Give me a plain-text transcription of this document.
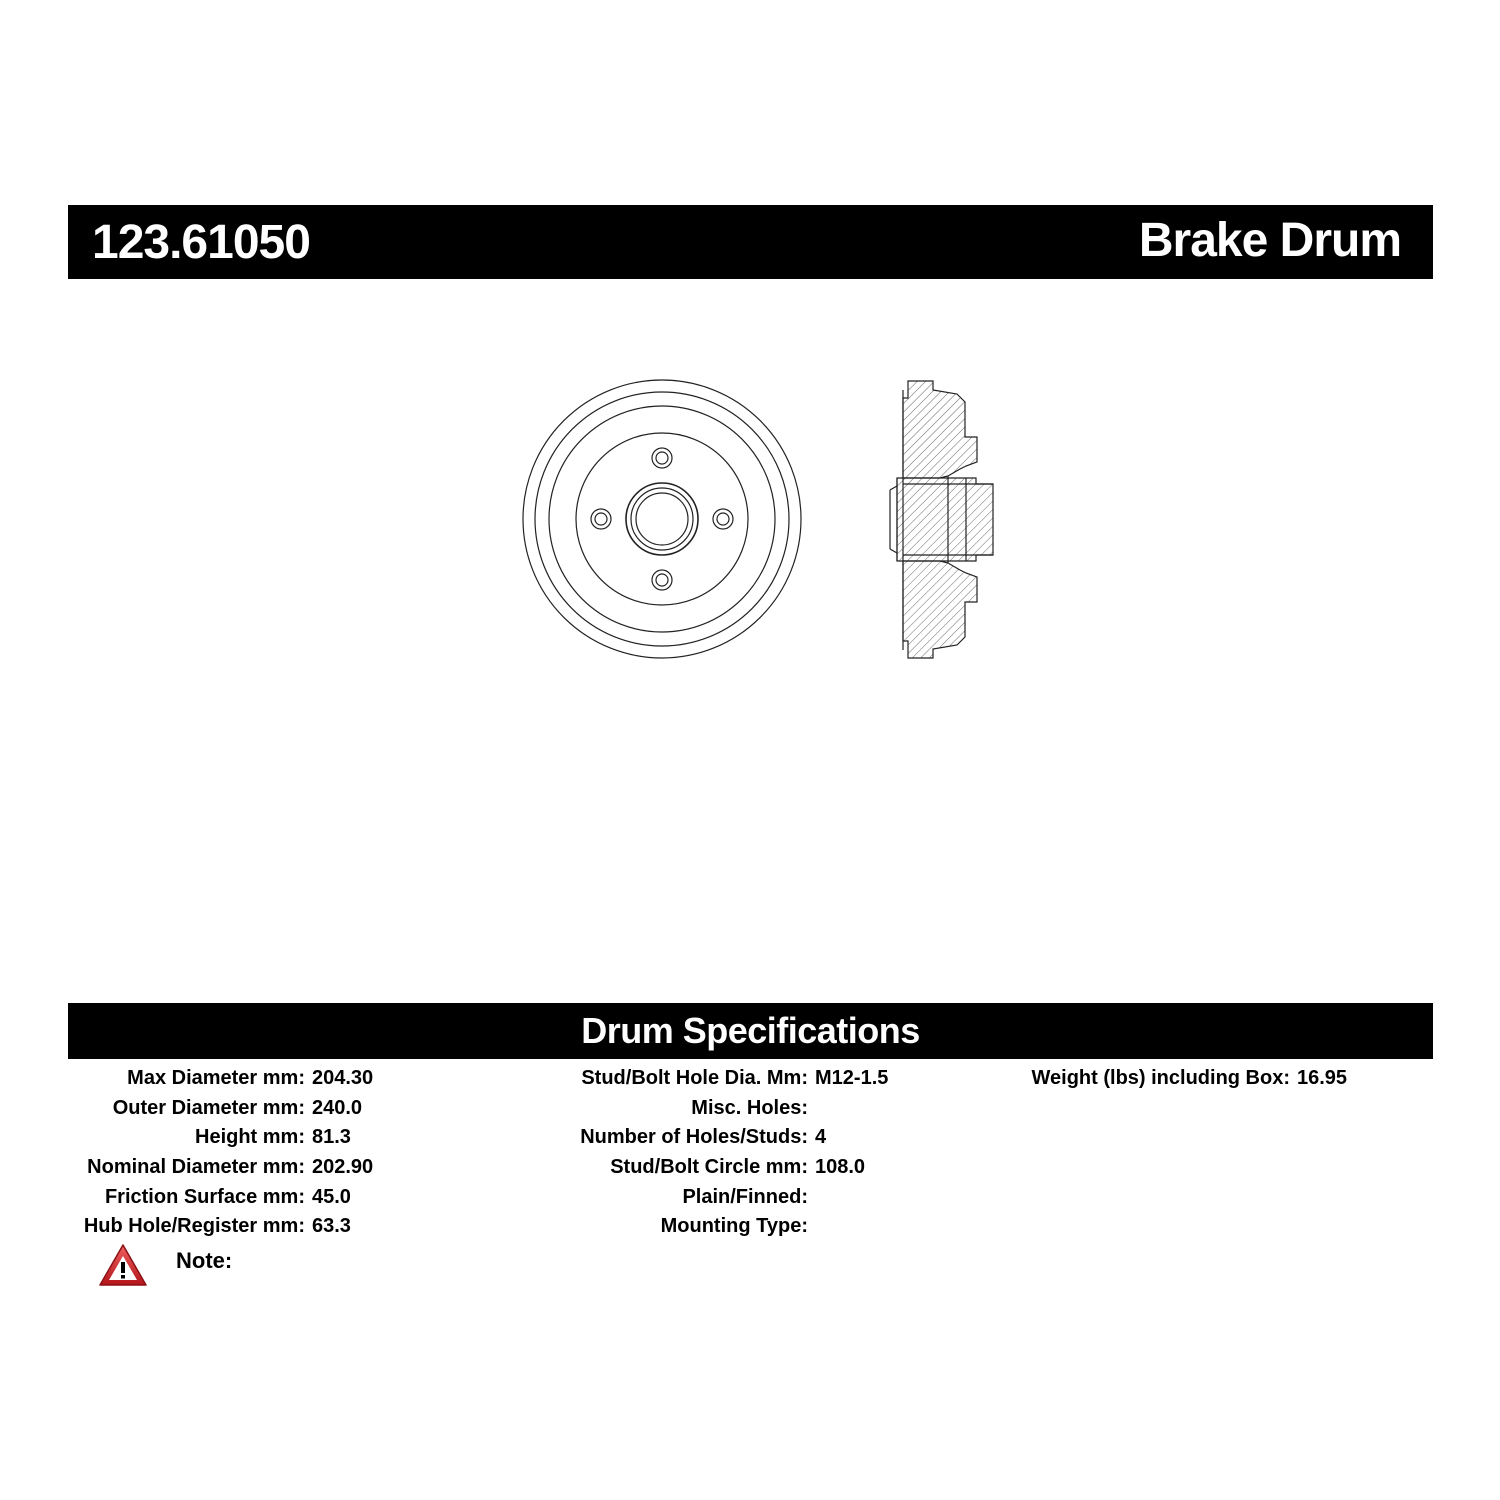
123.61050	Brake Drum
Drum Specifications
Max Diameter mm: 204.30
Outer Diameter mm: 240.0
Height mm: 81.3
Nominal Diameter mm: 202.90
Friction Surface mm: 45.0
Hub Hole/Register mm: 63.3
Stud/Bolt Hole Dia. Mm: M12-1.5
Misc. Holes:
Number of Holes/Studs: 4
Stud/Bolt Circle mm: 108.0
Plain/Finned:
Mounting Type:
Weight (lbs) including Box: 16.95
Note:
